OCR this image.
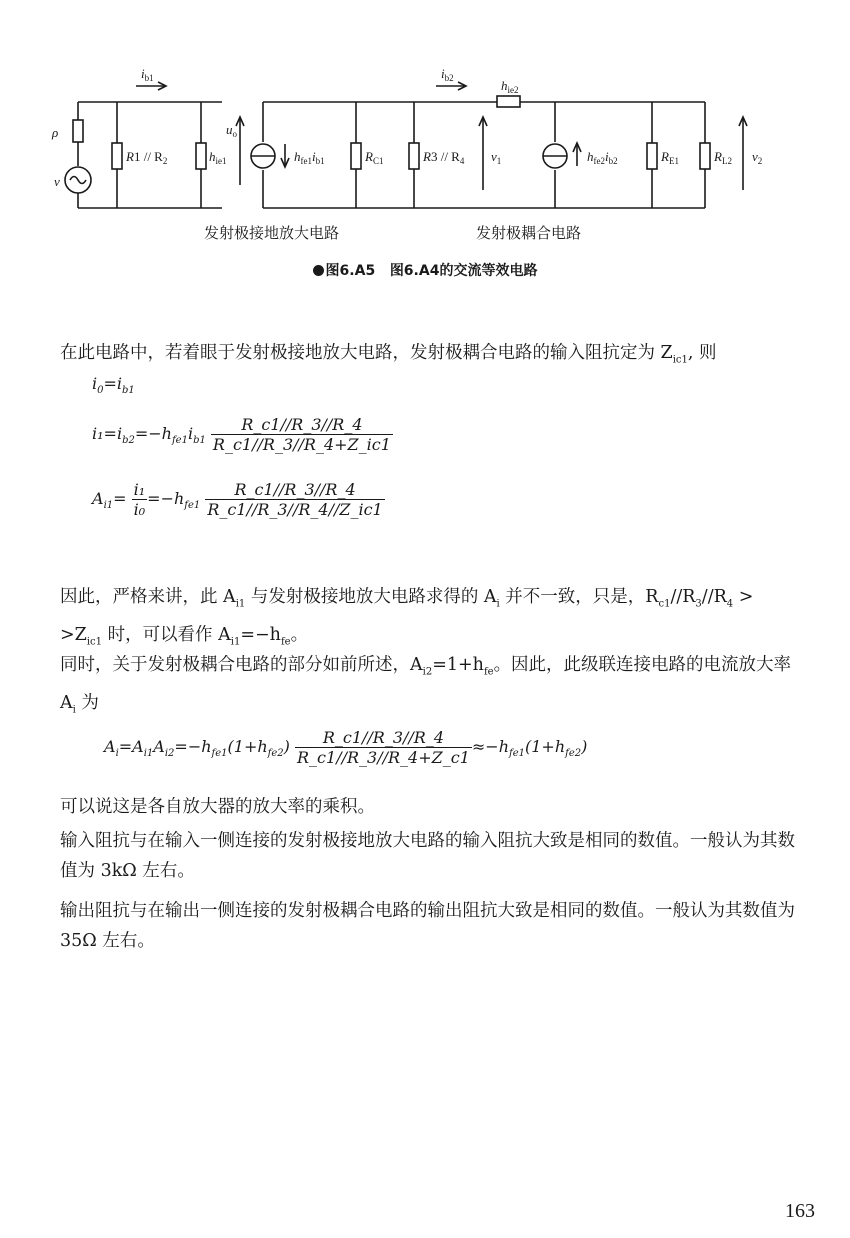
ρ
v
$i_{b1}$	$i_{b2}$	$h_{ie2}$
$R1 // R_2$	$h_{ie1}$
$u_o$
$h_{fe1}i_{b1}$	$R_{C1}$	$R3 // R_4$ $v_1$	$h_{fe2}i_{b2}$	$R_{E1}$	$R_{L2}$ $v_2$
发射极接地放大电路	发射极耦合电路
图6.A5 图6.A4的交流等效电路

在此电路中，若着眼于发射极接地放大电路，发射极耦合电路的输入阻抗定为 $Z_{ic1}$, 则

$i_0=i_{b1}$
$i_1=i_{b2}=-h_{fe1}i_{b1} \frac{R\_c1//R\_3//R\_4}{R\_c1//R\_3//R\_4+Z\_ic1}$
$A_{i1}= \frac{\text{i₁}}{\text{i₀}} =-h_{fe1} \frac{R\_c1//R\_3//R\_4}{R\_c1//R\_3//R\_4//Z\_ic1}$

因此，严格来讲，此 $A_{i1}$ 与发射极接地放大电路求得的 $A_i$ 并不一致，只是，$R_{c1}//R_3//R_4$ >
$>Z_{ic1}$ 时，可以看作 $A_{i1}=-h_{fe}$。

同时，关于发射极耦合电路的部分如前所述，$A_{i2}=1+h_{fe}$。因此，此级联连接电路的电流放大率 $A_i$ 为

$A_i=A_{i1}A_{i2}=-h_{fe1}(1+h_{fe2}) \frac{R\_c1//R\_3//R\_4}{R\_c1//R\_3//R\_4+Z\_c1} \approx-h_{fe1}(1+h_{fe2})$

可以说这是各自放大器的放大率的乘积。

输入阻抗与在输入一侧连接的发射极接地放大电路的输入阻抗大致是相同的数值。一般认为其数值为 3kΩ 左右。

输出阻抗与在输出一侧连接的发射极耦合电路的输出阻抗大致是相同的数值。一般认为其数值为 35Ω 左右。

163
